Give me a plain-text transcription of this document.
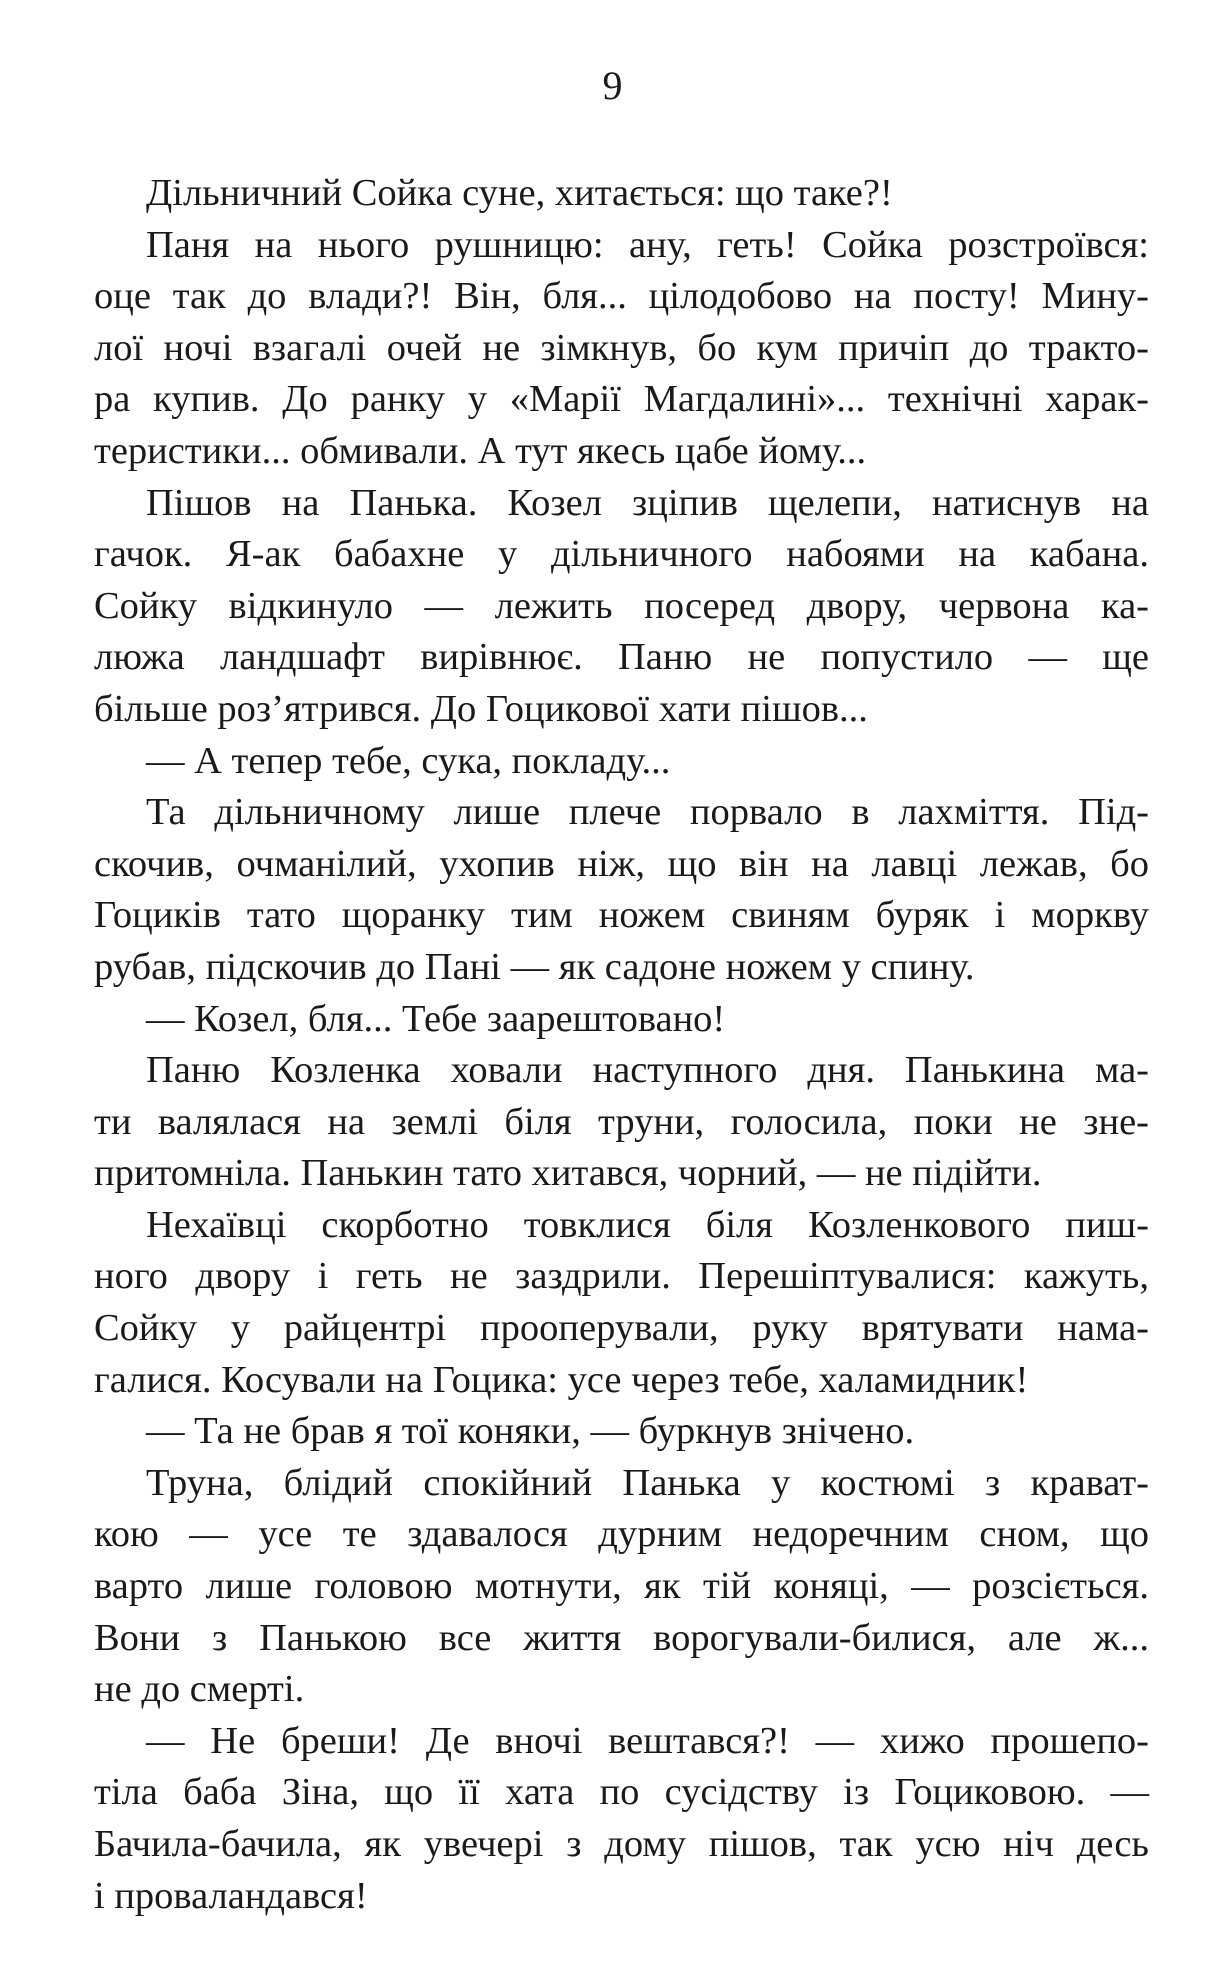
9
Дільничний Сойка суне, хитається: що таке?!
Паня на нього рушницю: ану, геть! Сойка розстроївся:
оце так до влади?! Він, бля... цілодобово на посту! Мину-
лої ночі взагалі очей не зімкнув, бо кум причіп до тракто-
ра купив. До ранку у «Марії Магдалині»... технічні харак-
теристики... обмивали. А тут якесь цабе йому...
Пішов на Панька. Козел зціпив щелепи, натиснув на
гачок. Я-ак бабахне у дільничного набоями на кабана.
Сойку відкинуло — лежить посеред двору, червона ка-
люжа ландшафт вирівнює. Паню не попустило — ще
більше роз’ятрився. До Гоцикової хати пішов...
— А тепер тебе, сука, покладу...
Та дільничному лише плече порвало в лахміття. Під-
скочив, очманілий, ухопив ніж, що він на лавці лежав, бо
Гоциків тато щоранку тим ножем свиням буряк і моркву
рубав, підскочив до Пані — як садоне ножем у спину.
— Козел, бля... Тебе заарештовано!
Паню Козленка ховали наступного дня. Панькина ма-
ти валялася на землі біля труни, голосила, поки не зне-
притомніла. Панькин тато хитався, чорний, — не підійти.
Нехаївці скорботно товклися біля Козленкового пиш-
ного двору і геть не заздрили. Перешіптувалися: кажуть,
Сойку у райцентрі прооперували, руку врятувати нама-
галися. Косували на Гоцика: усе через тебе, халамидник!
— Та не брав я тої коняки, — буркнув знічено.
Труна, блідий спокійний Панька у костюмі з крават-
кою — усе те здавалося дурним недоречним сном, що
варто лише головою мотнути, як тій коняці, — розсіється.
Вони з Панькою все життя ворогували-билися, але ж...
не до смерті.
— Не бреши! Де вночі вештався?! — хижо прошепо-
тіла баба Зіна, що її хата по сусідству із Гоциковою. —
Бачила-бачила, як увечері з дому пішов, так усю ніч десь
і проваландався!
